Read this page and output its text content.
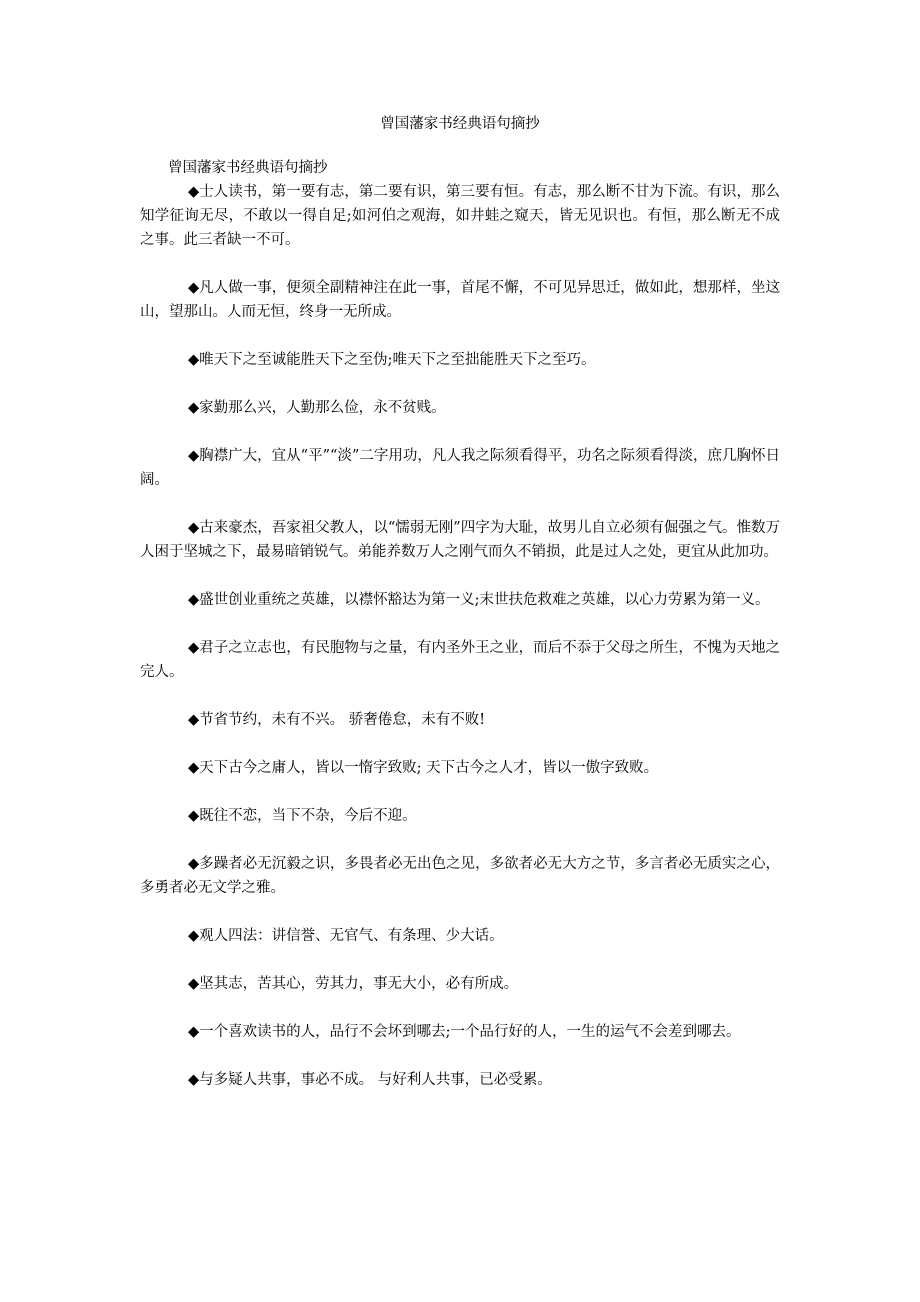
曾国藩家书经典语句摘抄

曾国藩家书经典语句摘抄

◆士人读书，第一要有志，第二要有识，第三要有恒。有志，那么断不甘为下流。有识，那么知学征询无尽，不敢以一得自足;如河伯之观海，如井蛙之窥天，皆无见识也。有恒，那么断无不成之事。此三者缺一不可。

◆凡人做一事，便须全副精神注在此一事，首尾不懈，不可见异思迁，做如此，想那样，坐这山，望那山。人而无恒，终身一无所成。

◆唯天下之至诚能胜天下之至伪;唯天下之至拙能胜天下之至巧。

◆家勤那么兴，人勤那么俭，永不贫贱。

◆胸襟广大，宜从“平”“淡”二字用功，凡人我之际须看得平，功名之际须看得淡，庶几胸怀日阔。

◆古来豪杰，吾家祖父教人，以“懦弱无刚”四字为大耻，故男儿自立必须有倔强之气。惟数万人困于坚城之下，最易暗销锐气。弟能养数万人之刚气而久不销损，此是过人之处，更宜从此加功。

◆盛世创业重统之英雄，以襟怀豁达为第一义;末世扶危救难之英雄，以心力劳累为第一义。

◆君子之立志也，有民胞物与之量，有内圣外王之业，而后不忝于父母之所生，不愧为天地之完人。

◆节省节约，未有不兴。 骄奢倦怠，未有不败!

◆天下古今之庸人，皆以一惰字致败; 天下古今之人才，皆以一傲字致败。

◆既往不恋，当下不杂，今后不迎。

◆多躁者必无沉毅之识，多畏者必无出色之见，多欲者必无大方之节，多言者必无质实之心，多勇者必无文学之雅。

◆观人四法：讲信誉、无官气、有条理、少大话。

◆坚其志，苦其心，劳其力，事无大小，必有所成。

◆一个喜欢读书的人，品行不会坏到哪去;一个品行好的人，一生的运气不会差到哪去。

◆与多疑人共事，事必不成。 与好利人共事，已必受累。
